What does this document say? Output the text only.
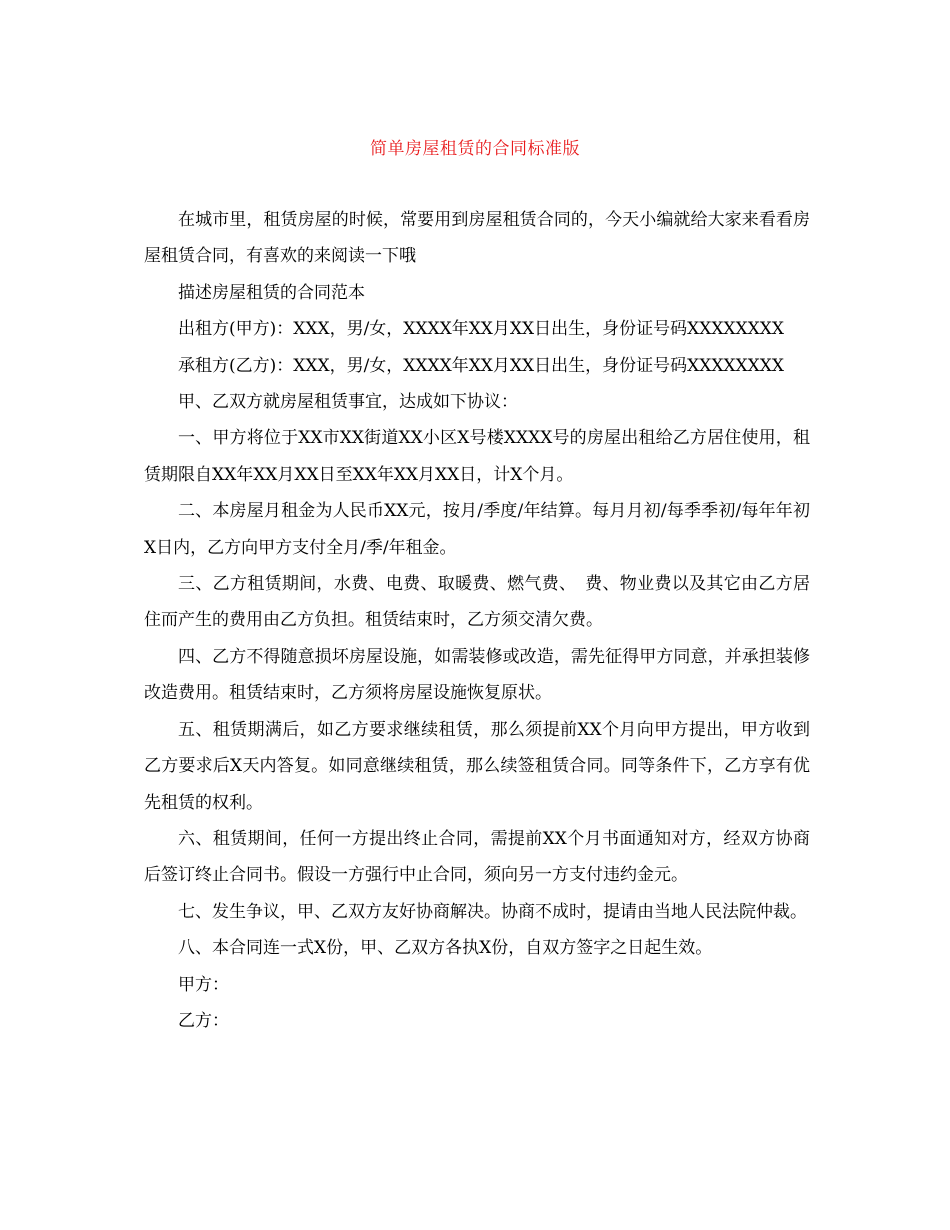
简单房屋租赁的合同标准版

在城市里，租赁房屋的时候，常要用到房屋租赁合同的，今天小编就给大家来看看房屋租赁合同，有喜欢的来阅读一下哦

描述房屋租赁的合同范本

出租方(甲方)：XXX，男/女，XXXX年XX月XX日出生，身份证号码XXXXXXXX

承租方(乙方)：XXX，男/女，XXXX年XX月XX日出生，身份证号码XXXXXXXX

甲、乙双方就房屋租赁事宜，达成如下协议：

一、甲方将位于XX市XX街道XX小区X号楼XXXX号的房屋出租给乙方居住使用，租赁期限自XX年XX月XX日至XX年XX月XX日，计X个月。

二、本房屋月租金为人民币XX元，按月/季度/年结算。每月月初/每季季初/每年年初X日内，乙方向甲方支付全月/季/年租金。

三、乙方租赁期间，水费、电费、取暖费、燃气费、　费、物业费以及其它由乙方居住而产生的费用由乙方负担。租赁结束时，乙方须交清欠费。

四、乙方不得随意损坏房屋设施，如需装修或改造，需先征得甲方同意，并承担装修改造费用。租赁结束时，乙方须将房屋设施恢复原状。

五、租赁期满后，如乙方要求继续租赁，那么须提前XX个月向甲方提出，甲方收到乙方要求后X天内答复。如同意继续租赁，那么续签租赁合同。同等条件下，乙方享有优先租赁的权利。

六、租赁期间，任何一方提出终止合同，需提前XX个月书面通知对方，经双方协商后签订终止合同书。假设一方强行中止合同，须向另一方支付违约金元。

七、发生争议，甲、乙双方友好协商解决。协商不成时，提请由当地人民法院仲裁。

八、本合同连一式X份，甲、乙双方各执X份，自双方签字之日起生效。

甲方：

乙方：
